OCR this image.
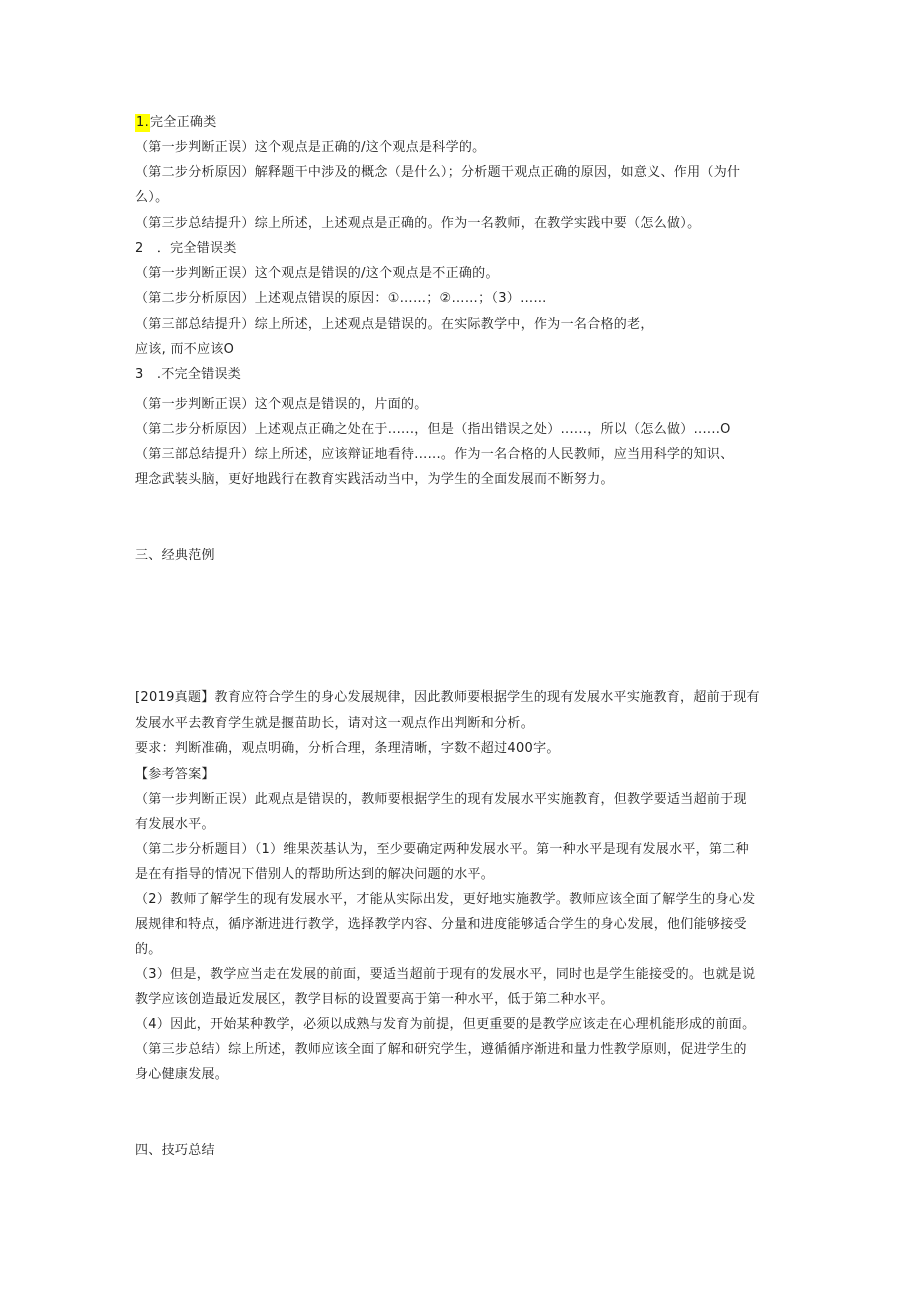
1.完全正确类
（第一步判断正误）这个观点是正确的/这个观点是科学的。
（第二步分析原因）解释题干中涉及的概念（是什么）；分析题干观点正确的原因，如意义、作用（为什
么）。
（第三步总结提升）综上所述，上述观点是正确的。作为一名教师，在教学实践中要（怎么做）。
2　．完全错误类
（第一步判断正误）这个观点是错误的/这个观点是不正确的。
（第二步分析原因）上述观点错误的原因：①……；②……；（3）……
（第三部总结提升）综上所述，上述观点是错误的。在实际教学中，作为一名合格的老，
应该, 而不应该O
3　.不完全错误类
（第一步判断正误）这个观点是错误的，片面的。
（第二步分析原因）上述观点正确之处在于......，但是（指出错误之处）......，所以（怎么做）......O
（第三部总结提升）综上所述，应该辩证地看待......。作为一名合格的人民教师，应当用科学的知识、
理念武装头脑，更好地践行在教育实践活动当中，为学生的全面发展而不断努力。
三、经典范例
[2019真题】教育应符合学生的身心发展规律，因此教师要根据学生的现有发展水平实施教育，超前于现有
发展水平去教育学生就是揠苗助长，请对这一观点作出判断和分析。
要求：判断准确，观点明确，分析合理，条理清晰，字数不超过400字。
【参考答案】
（第一步判断正误）此观点是错误的，教师要根据学生的现有发展水平实施教育，但教学要适当超前于现
有发展水平。
（第二步分析题目）（1）维果茨基认为，至少要确定两种发展水平。第一种水平是现有发展水平，第二种
是在有指导的情况下借别人的帮助所达到的解决问题的水平。
（2）教师了解学生的现有发展水平，才能从实际出发，更好地实施教学。教师应该全面了解学生的身心发
展规律和特点，循序渐进进行教学，选择教学内容、分量和进度能够适合学生的身心发展，他们能够接受
的。
（3）但是，教学应当走在发展的前面，要适当超前于现有的发展水平，同时也是学生能接受的。也就是说
教学应该创造最近发展区，教学目标的设置要高于第一种水平，低于第二种水平。
（4）因此，开始某种教学，必须以成熟与发育为前提，但更重要的是教学应该走在心理机能形成的前面。
（第三步总结）综上所述，教师应该全面了解和研究学生，遵循循序渐进和量力性教学原则，促进学生的
身心健康发展。
四、技巧总结
